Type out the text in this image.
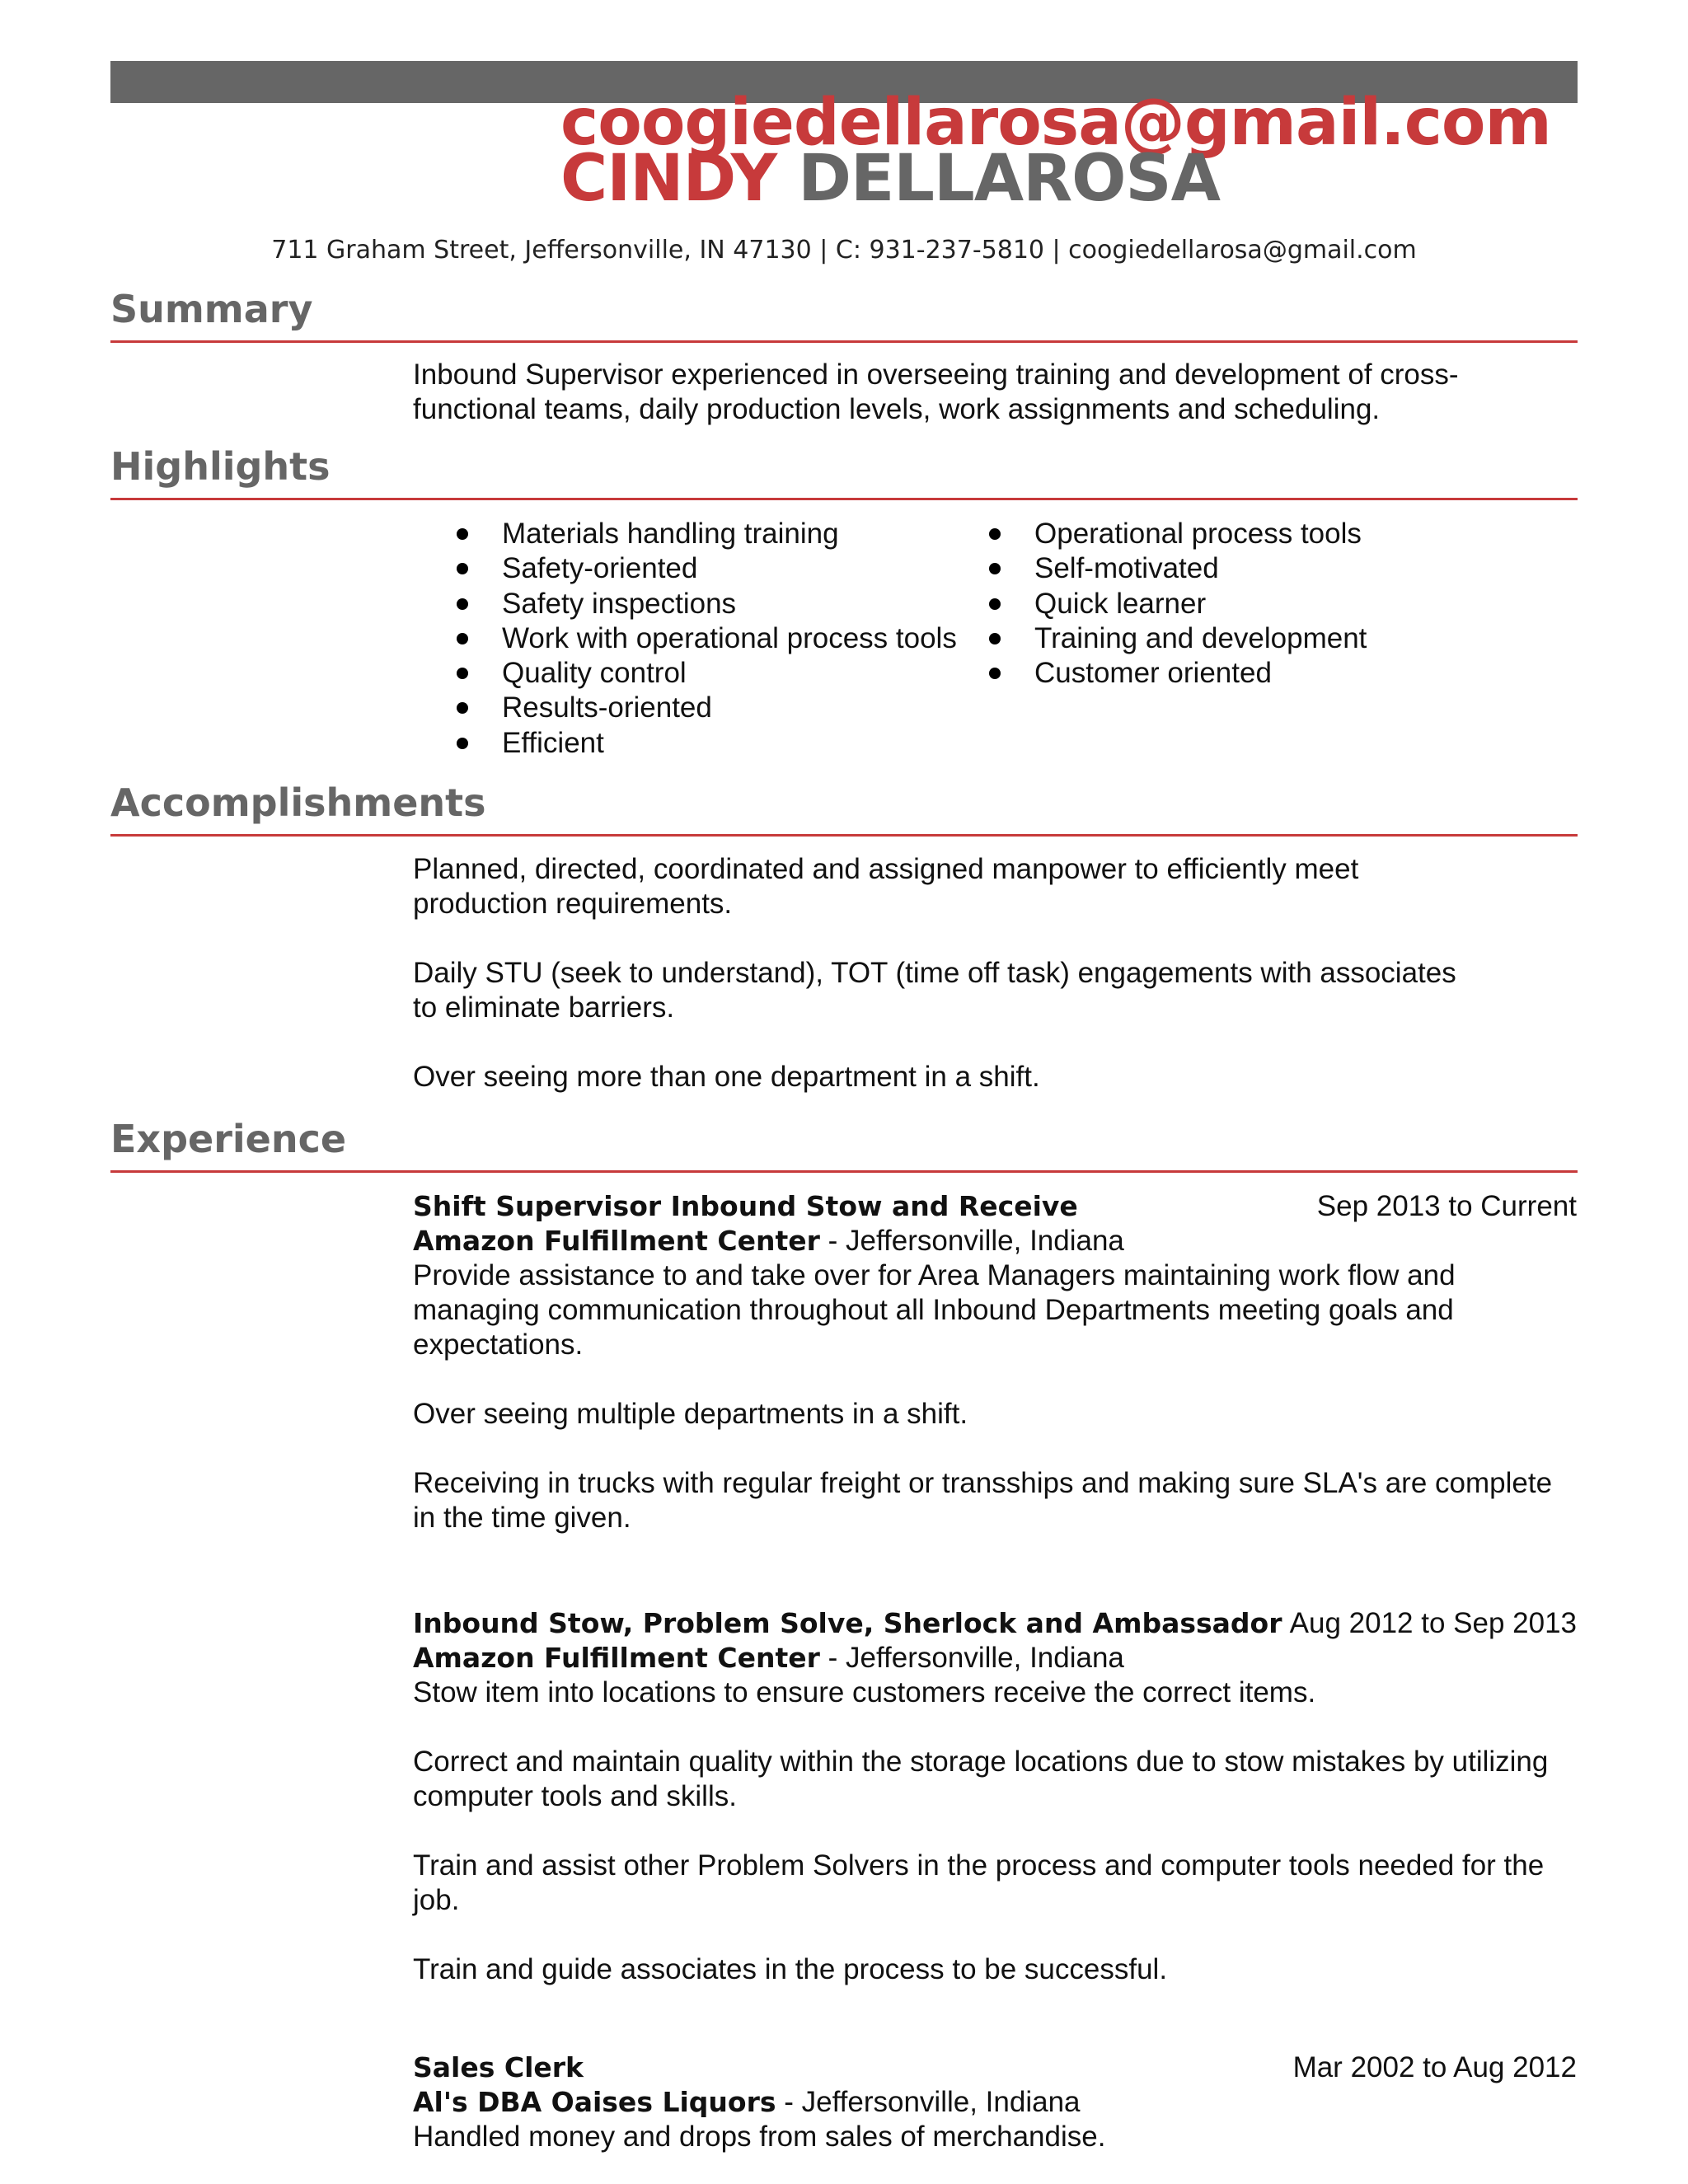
coogiedellarosa@gmail.com
CINDY DELLAROSA
711 Graham Street, Jeffersonville, IN 47130 | C: 931-237-5810 | coogiedellarosa@gmail.com
Summary

Inbound Supervisor experienced in overseeing training and development of cross-functional teams, daily production levels, work assignments and scheduling.

Highlights
Materials handling training
Safety-oriented
Safety inspections
Work with operational process tools
Quality control
Results-oriented
Efficient
Operational process tools
Self-motivated
Quick learner
Training and development
Customer oriented
Accomplishments

Planned, directed, coordinated and assigned manpower to efficiently meet production requirements.

Daily STU (seek to understand), TOT (time off task) engagements with associates to eliminate barriers.

Over seeing more than one department in a shift.

Experience
Shift Supervisor Inbound Stow and Receive	Sep 2013 to Current
Amazon Fulfillment Center - Jeffersonville, Indiana

Provide assistance to and take over for Area Managers maintaining work flow and managing communication throughout all Inbound Departments meeting goals and expectations.

Over seeing multiple departments in a shift.

Receiving in trucks with regular freight or transships and making sure SLA's are complete in the time given.

Inbound Stow, Problem Solve, Sherlock and Ambassador Aug 2012 to Sep 2013
Amazon Fulfillment Center - Jeffersonville, Indiana

Stow item into locations to ensure customers receive the correct items.

Correct and maintain quality within the storage locations due to stow mistakes by utilizing computer tools and skills.

Train and assist other Problem Solvers in the process and computer tools needed for the job.

Train and guide associates in the process to be successful.

Sales Clerk	Mar 2002 to Aug 2012
Al's DBA Oaises Liquors - Jeffersonville, Indiana

Handled money and drops from sales of merchandise.
